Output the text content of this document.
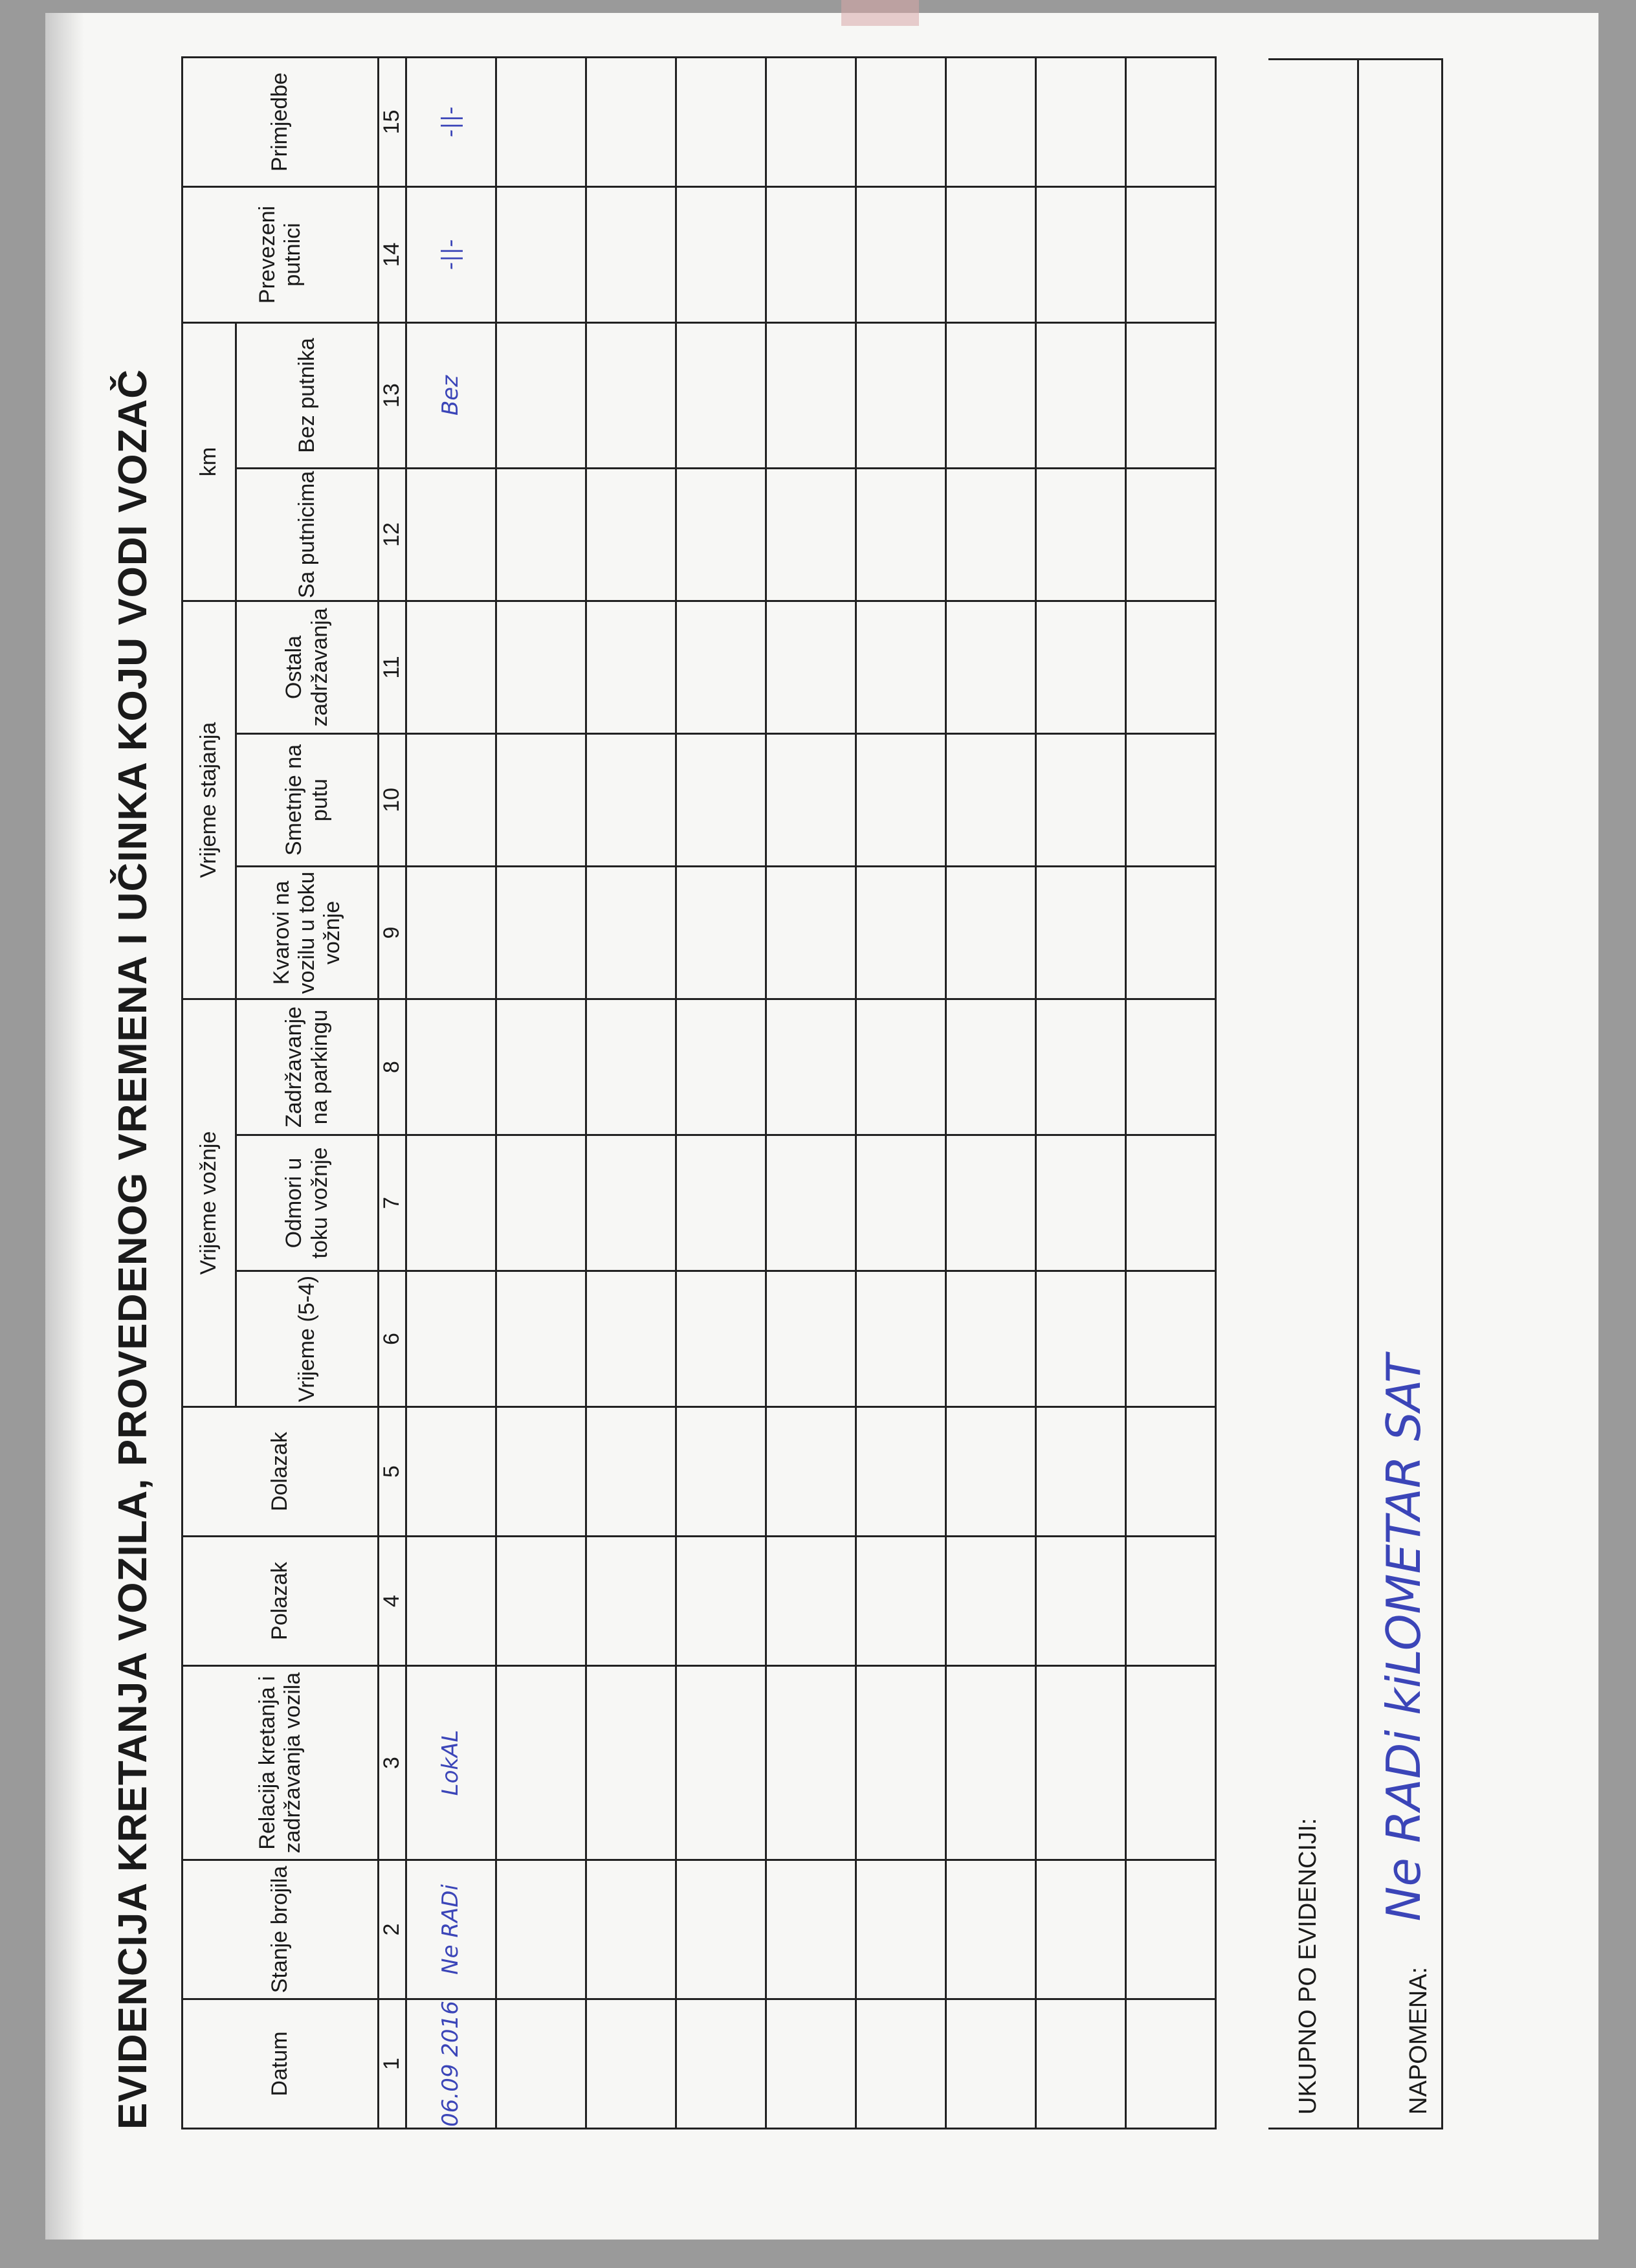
EVIDENCIJA KRETANJA VOZILA, PROVEDENOG VREMENA I UČINKA KOJU VODI VOZAČ	Datum	Stanje brojila	Relacija kretanja i zadržavanja vozila	Polazak	Dolazak	Vrijeme vožnje			Vrijeme stajanja			km		Prevezeni putnici	Primjedbe
					Vrijeme (5-4)	Odmori u toku vožnje	Zadržavanje na parkingu	Kvarovi na vozilu u toku vožnje	Smetnje na putu	Ostala zadržavanja	Sa putnicima	Bez putnika		
1	2	3	4	5	6	7	8	9	10	11	12	13	14	15
06.09 2016	Ne RADi	LokAL										Bez	-||-	-||-

UKUPNO PO EVIDENCIJI:	NAPOMENA: Ne RADi kiLOMETAR SAT
